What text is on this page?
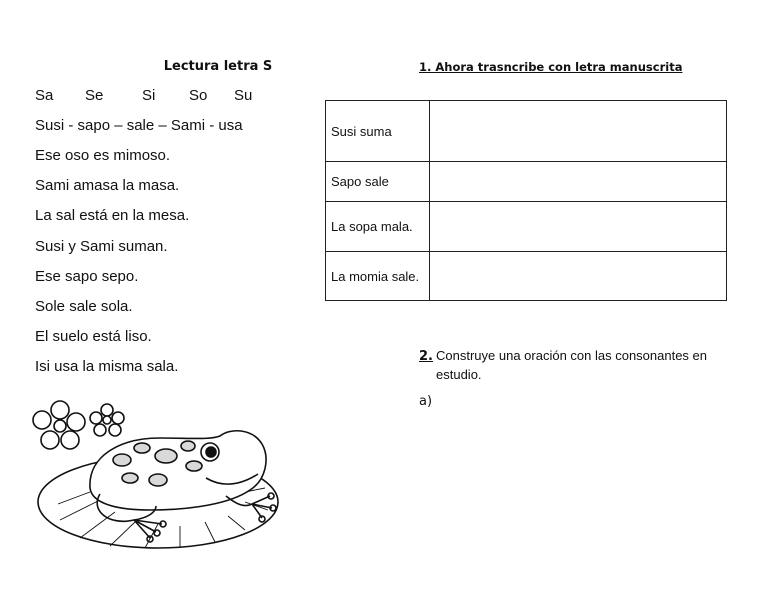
Lectura letra S
Sa Se	Si So Su
Susi - sapo – sale – Sami - usa
Ese oso es mimoso.
Sami amasa la masa.
La sal está en la mesa.
Susi y Sami suman.
Ese sapo sepo.
Sole sale sola.
El suelo está liso.
Isi usa la misma sala.
1. Ahora trasncribe con letra manuscrita
Susi suma	
Sapo sale	
La sopa mala.	
La momia sale.	
2. Construye una oración con las consonantes en estudio.
a)
